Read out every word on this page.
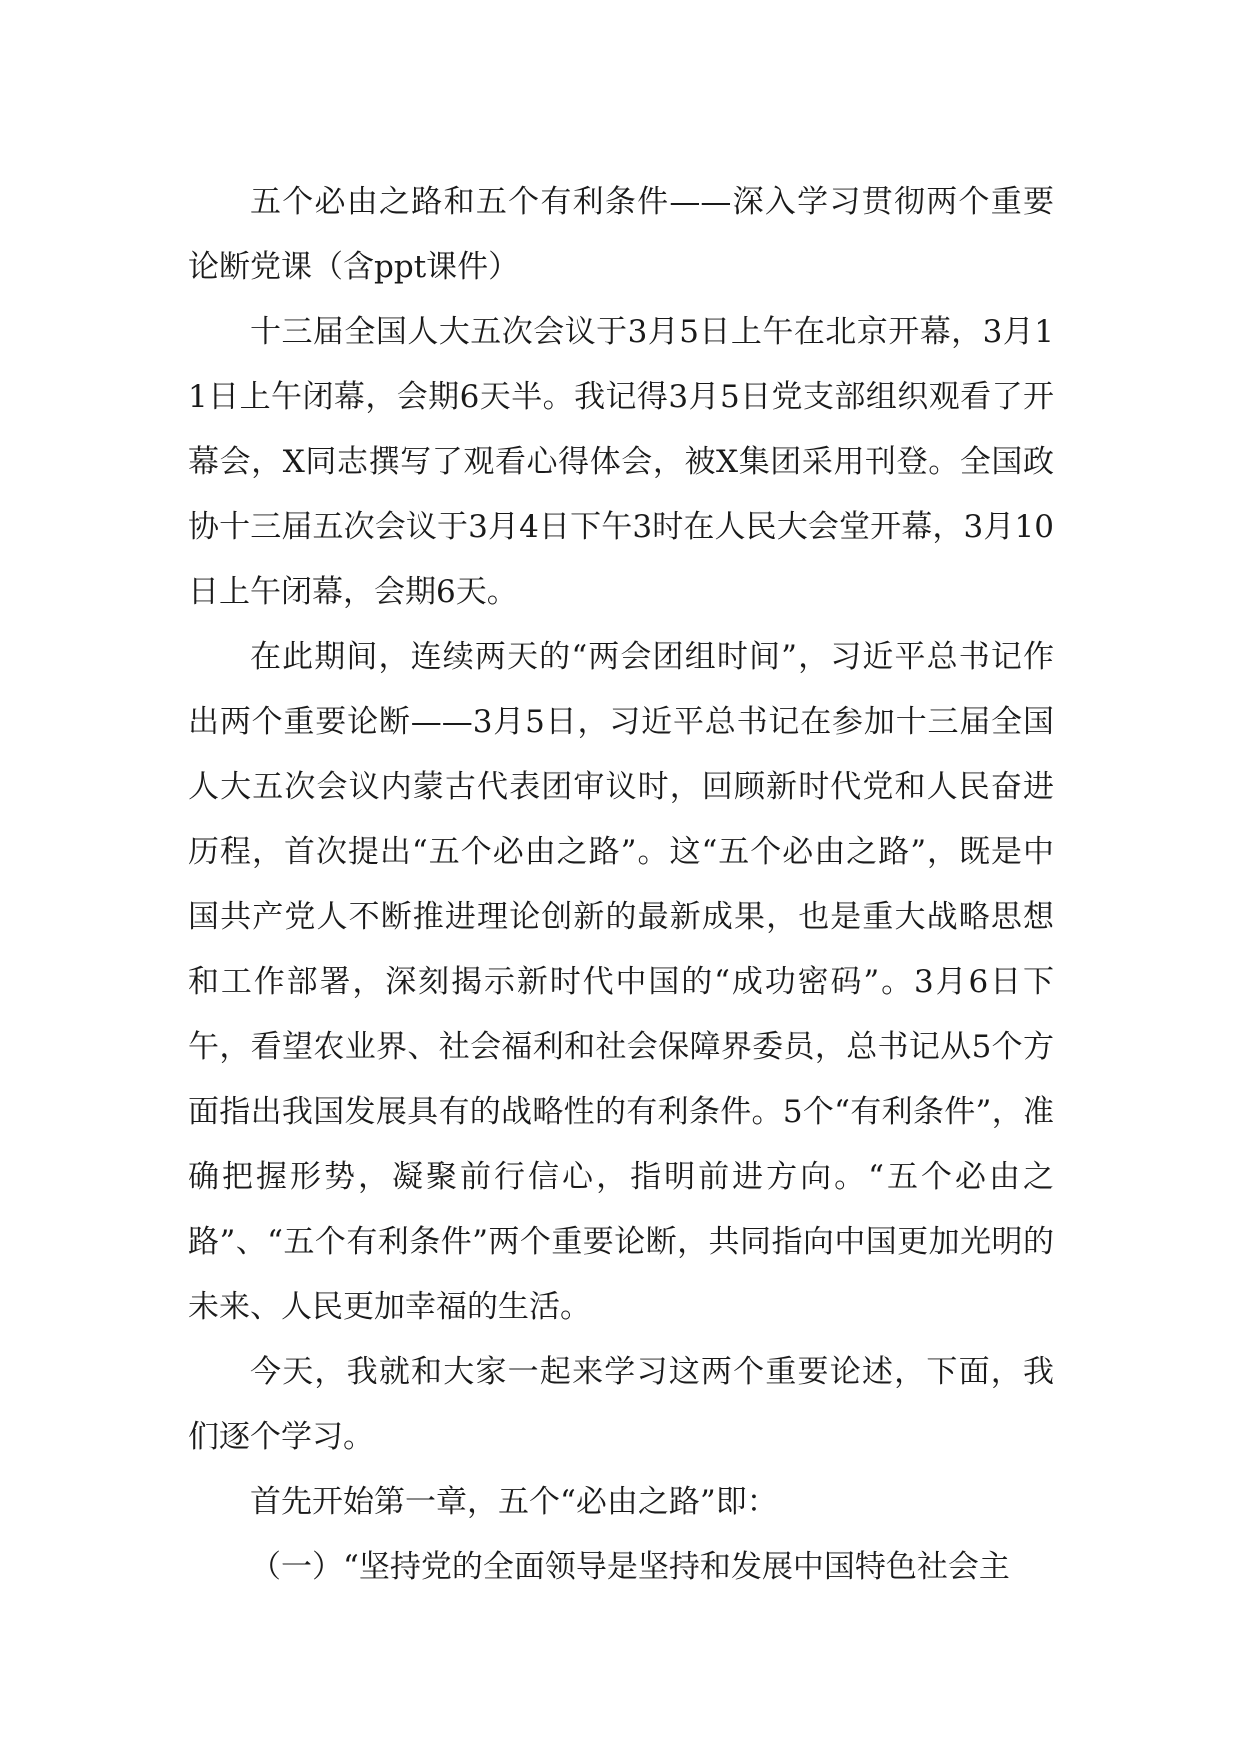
五个必由之路和五个有利条件——深入学习贯彻两个重要论断党课（含ppt课件）

十三届全国人大五次会议于3月5日上午在北京开幕，3月11日上午闭幕，会期6天半。我记得3月5日党支部组织观看了开幕会，X同志撰写了观看心得体会，被X集团采用刊登。全国政协十三届五次会议于3月4日下午3时在人民大会堂开幕，3月10日上午闭幕，会期6天。

在此期间，连续两天的“两会团组时间”，习近平总书记作出两个重要论断——3月5日，习近平总书记在参加十三届全国人大五次会议内蒙古代表团审议时，回顾新时代党和人民奋进历程，首次提出“五个必由之路”。这“五个必由之路”，既是中国共产党人不断推进理论创新的最新成果，也是重大战略思想和工作部署，深刻揭示新时代中国的“成功密码”。3月6日下午，看望农业界、社会福利和社会保障界委员，总书记从5个方面指出我国发展具有的战略性的有利条件。5个“有利条件”，准确把握形势，凝聚前行信心，指明前进方向。“五个必由之路”、“五个有利条件”两个重要论断，共同指向中国更加光明的未来、人民更加幸福的生活。

今天，我就和大家一起来学习这两个重要论述，下面，我们逐个学习。

首先开始第一章，五个“必由之路”即：

（一）“坚持党的全面领导是坚持和发展中国特色社会主
